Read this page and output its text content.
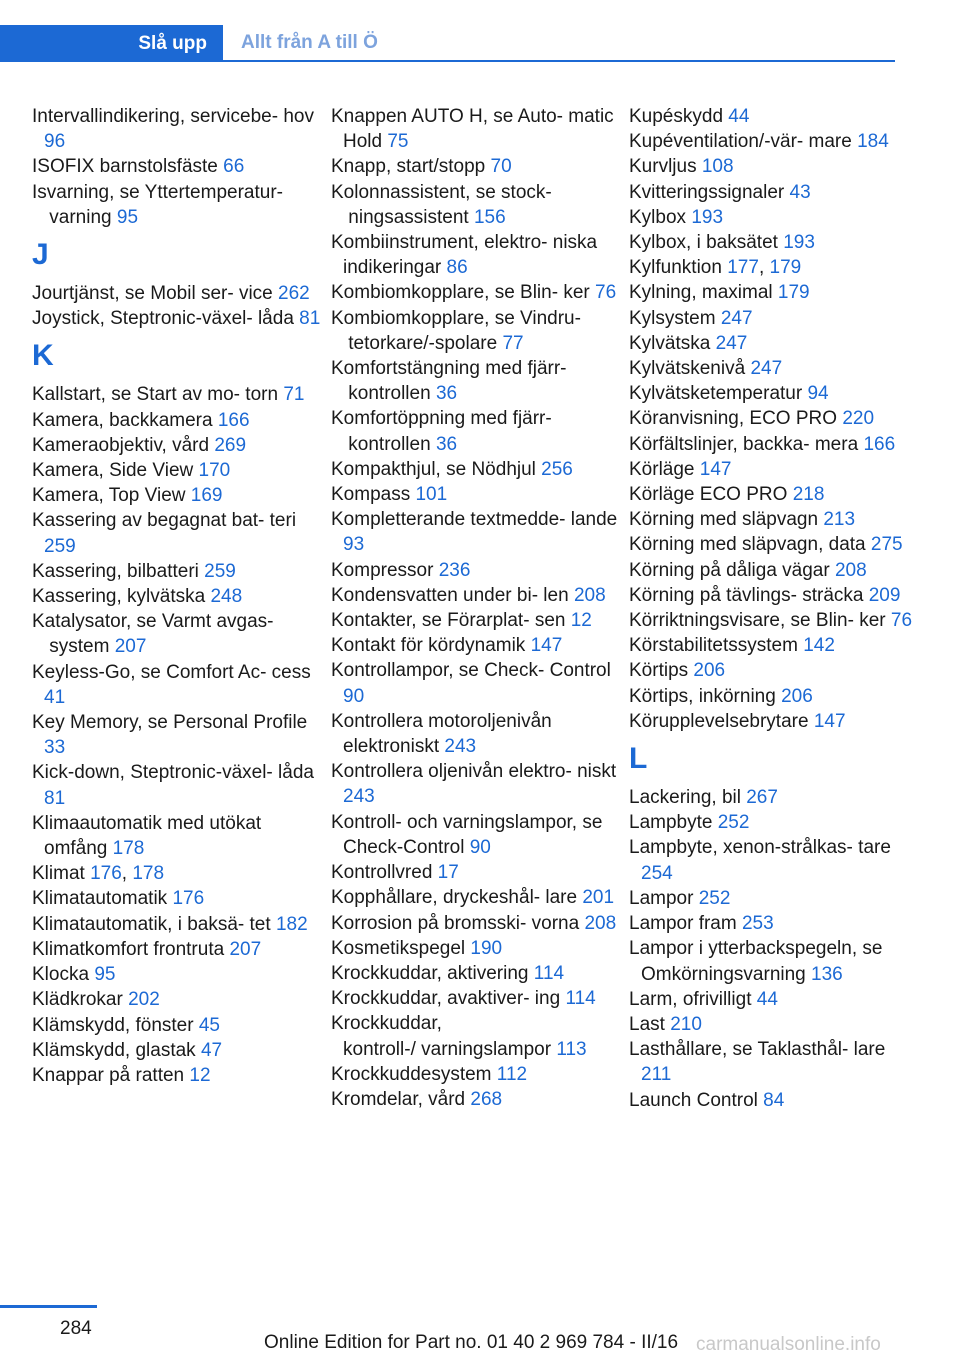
Slå upp	Allt från A till Ö
Intervallindikering, servicebe- hov 96
ISOFIX barnstolsfäste 66
Isvarning, se Yttertemperatur- varning 95
J
Jourtjänst, se Mobil ser- vice 262
Joystick, Steptronic-växel- låda 81
K
Kallstart, se Start av mo- torn 71
Kamera, backkamera 166
Kameraobjektiv, vård 269
Kamera, Side View 170
Kamera, Top View 169
Kassering av begagnat bat- teri 259
Kassering, bilbatteri 259
Kassering, kylvätska 248
Katalysator, se Varmt avgas- system 207
Keyless-Go, se Comfort Ac- cess 41
Key Memory, se Personal Profile 33
Kick-down, Steptronic-växel- låda 81
Klimaautomatik med utökat omfång 178
Klimat 176, 178
Klimatautomatik 176
Klimatautomatik, i baksä- tet 182
Klimatkomfort frontruta 207
Klocka 95
Klädkrokar 202
Klämskydd, fönster 45
Klämskydd, glastak 47
Knappar på ratten 12
Knappen AUTO H, se Auto- matic Hold 75
Knapp, start/stopp 70
Kolonnassistent, se stock- ningsassistent 156
Kombiinstrument, elektro- niska indikeringar 86
Kombiomkopplare, se Blin- ker 76
Kombiomkopplare, se Vindru- tetorkare/-spolare 77
Komfortstängning med fjärr- kontrollen 36
Komfortöppning med fjärr- kontrollen 36
Kompakthjul, se Nödhjul 256
Kompass 101
Kompletterande textmedde- lande 93
Kompressor 236
Kondensvatten under bi- len 208
Kontakter, se Förarplat- sen 12
Kontakt för kördynamik 147
Kontrollampor, se Check- Control 90
Kontrollera motoroljenivån elektroniskt 243
Kontrollera oljenivån elektro- niskt 243
Kontroll- och varningslampor, se Check-Control 90
Kontrollvred 17
Kopphållare, dryckeshål- lare 201
Korrosion på bromsski- vorna 208
Kosmetikspegel 190
Krockkuddar, aktivering 114
Krockkuddar, avaktiver- ing 114
Krockkuddar, kontroll-/ varningslampor 113
Krockkuddesystem 112
Kromdelar, vård 268
Kupéskydd 44
Kupéventilation/-vär- mare 184
Kurvljus 108
Kvitteringssignaler 43
Kylbox 193
Kylbox, i baksätet 193
Kylfunktion 177, 179
Kylning, maximal 179
Kylsystem 247
Kylvätska 247
Kylvätskenivå 247
Kylvätsketemperatur 94
Köranvisning, ECO PRO 220
Körfältslinjer, backka- mera 166
Körläge 147
Körläge ECO PRO 218
Körning med släpvagn 213
Körning med släpvagn, data 275
Körning på dåliga vägar 208
Körning på tävlings- sträcka 209
Körriktningsvisare, se Blin- ker 76
Körstabilitetssystem 142
Körtips 206
Körtips, inkörning 206
Körupplevelsebrytare 147
L
Lackering, bil 267
Lampbyte 252
Lampbyte, xenon-strålkas- tare 254
Lampor 252
Lampor fram 253
Lampor i ytterbackspegeln, se Omkörningsvarning 136
Larm, ofrivilligt 44
Last 210
Lasthållare, se Taklasthål- lare 211
Launch Control 84
284
Online Edition for Part no. 01 40 2 969 784 - II/16 carmanualsonline.info
